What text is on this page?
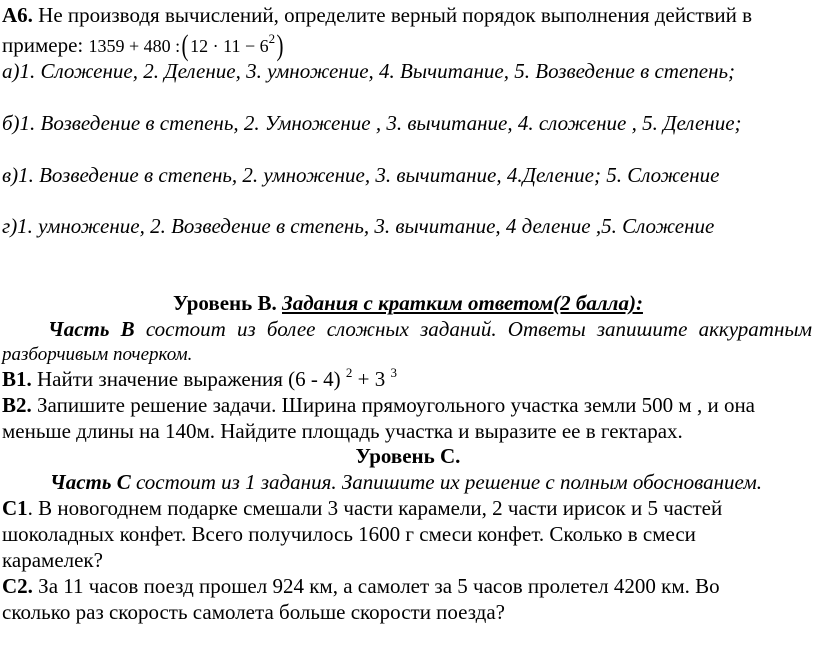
А6. Не производя вычислений, определите верный порядок выполнения действий в
примере: 1359 + 480 :(12 · $11 - 6^2$)
а)1. Сложение, 2. Деление, 3. умножение, 4. Вычитание, 5. Возведение в степень;
б)1. Возведение в степень, 2. Умножение , 3. вычитание, 4. сложение , 5. Деление;
в)1. Возведение в степень, 2. умножение, 3. вычитание, 4.Деление; 5. Сложение
г)1. умножение, 2. Возведение в степень, 3. вычитание, 4 деление ,5. Сложение
Уровень В. Задания с кратким ответом(2 балла):
Часть В состоит из более сложных заданий. Ответы запишите аккуратным
разборчивым почерком.
В1. Найти значение выражения (6 - 4) $^2$ + 3 $^3$
В2. Запишите решение задачи. Ширина прямоугольного участка земли 500 м , и она
меньше длины на 140м. Найдите площадь участка и выразите ее в гектарах.
Уровень С.
Часть С состоит из 1 задания. Запишите их решение с полным обоснованием.
С1. В новогоднем подарке смешали 3 части карамели, 2 части ирисок и 5 частей
шоколадных конфет. Всего получилось 1600 г смеси конфет. Сколько в смеси
карамелек?
С2. За 11 часов поезд прошел 924 км, а самолет за 5 часов пролетел 4200 км. Во
сколько раз скорость самолета больше скорости поезда?
